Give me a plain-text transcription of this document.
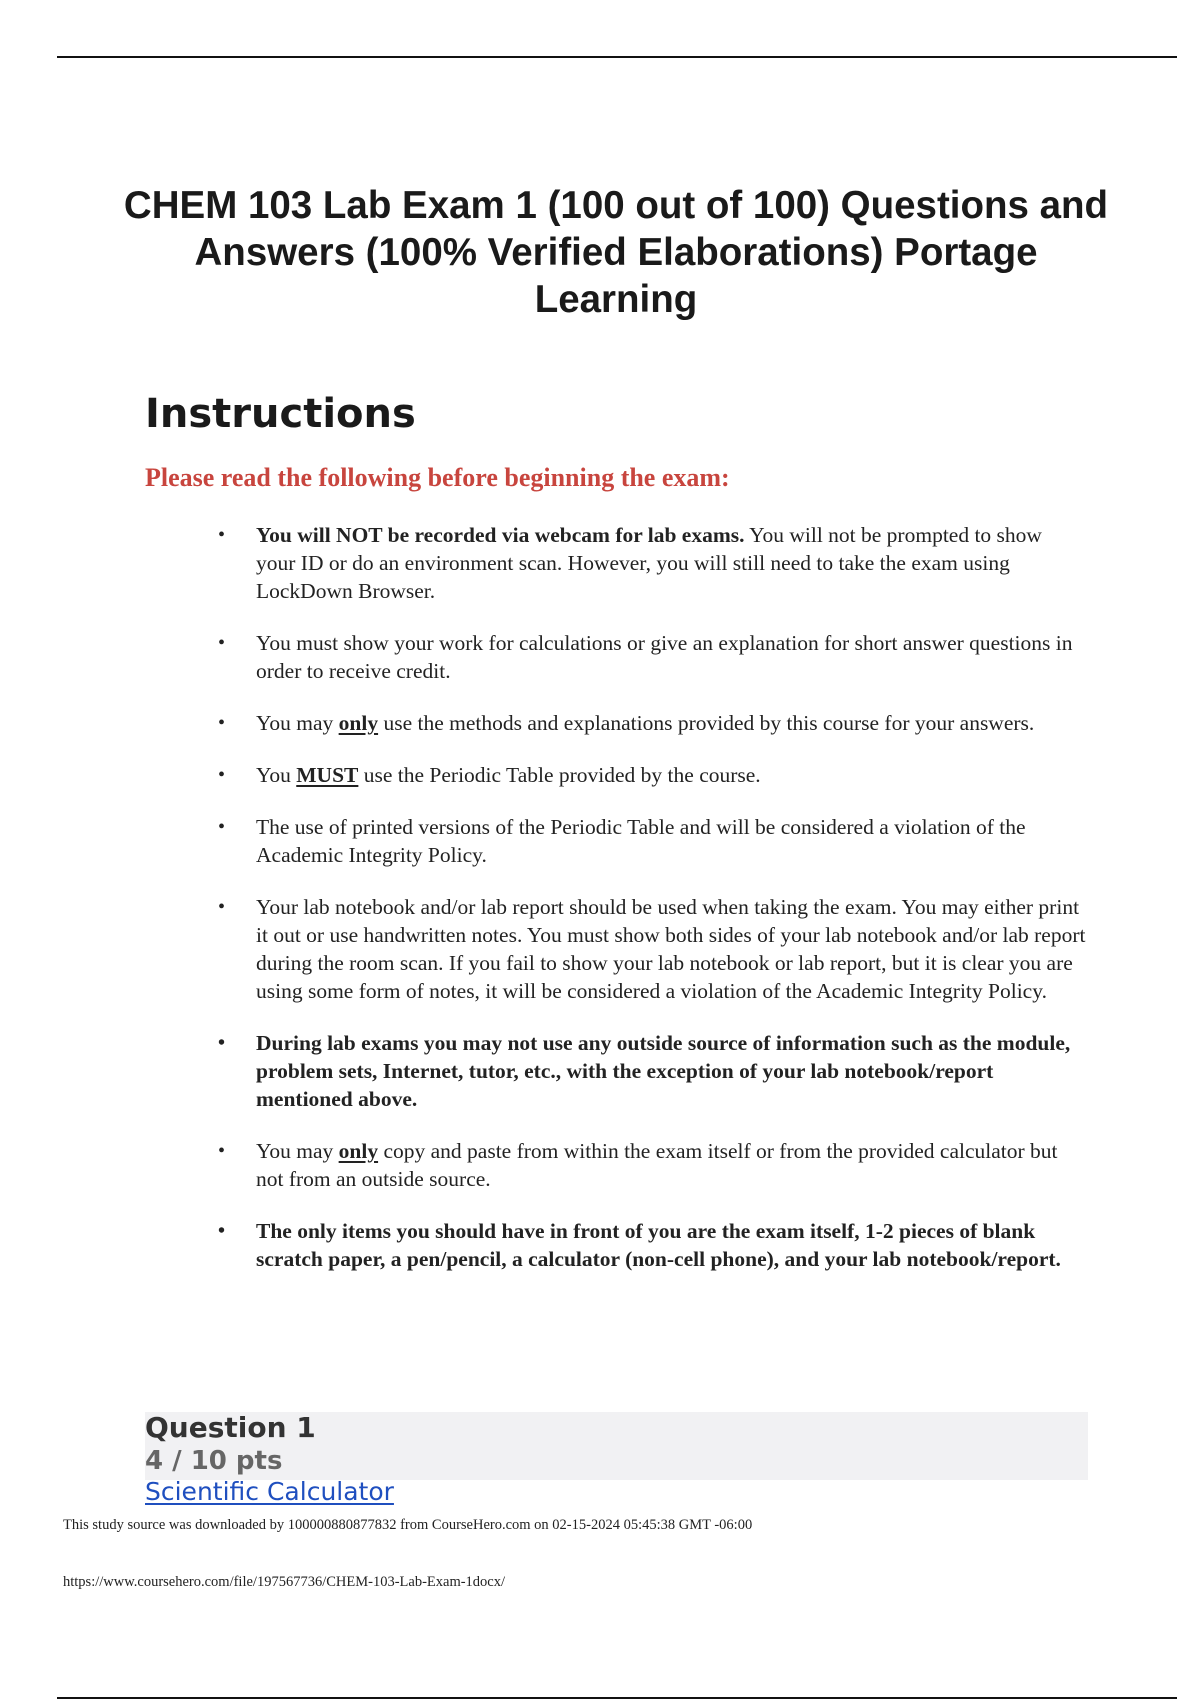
CHEM 103 Lab Exam 1 (100 out of 100) Questions and Answers (100% Verified Elaborations) Portage Learning
Instructions
Please read the following before beginning the exam:
• You will NOT be recorded via webcam for lab exams. You will not be prompted to show your ID or do an environment scan. However, you will still need to take the exam using LockDown Browser.
• You must show your work for calculations or give an explanation for short answer questions in order to receive credit.
• You may only use the methods and explanations provided by this course for your answers.
• You MUST use the Periodic Table provided by the course.
• The use of printed versions of the Periodic Table and will be considered a violation of the Academic Integrity Policy.
• Your lab notebook and/or lab report should be used when taking the exam. You may either print it out or use handwritten notes. You must show both sides of your lab notebook and/or lab report during the room scan. If you fail to show your lab notebook or lab report, but it is clear you are using some form of notes, it will be considered a violation of the Academic Integrity Policy.
• During lab exams you may not use any outside source of information such as the module, problem sets, Internet, tutor, etc., with the exception of your lab notebook/report mentioned above.
• You may only copy and paste from within the exam itself or from the provided calculator but not from an outside source.
• The only items you should have in front of you are the exam itself, 1-2 pieces of blank scratch paper, a pen/pencil, a calculator (non-cell phone), and your lab notebook/report.
Question 1
4 / 10 pts
Scientific Calculator
This study source was downloaded by 100000880877832 from CourseHero.com on 02-15-2024 05:45:38 GMT -06:00
https://www.coursehero.com/file/197567736/CHEM-103-Lab-Exam-1docx/
